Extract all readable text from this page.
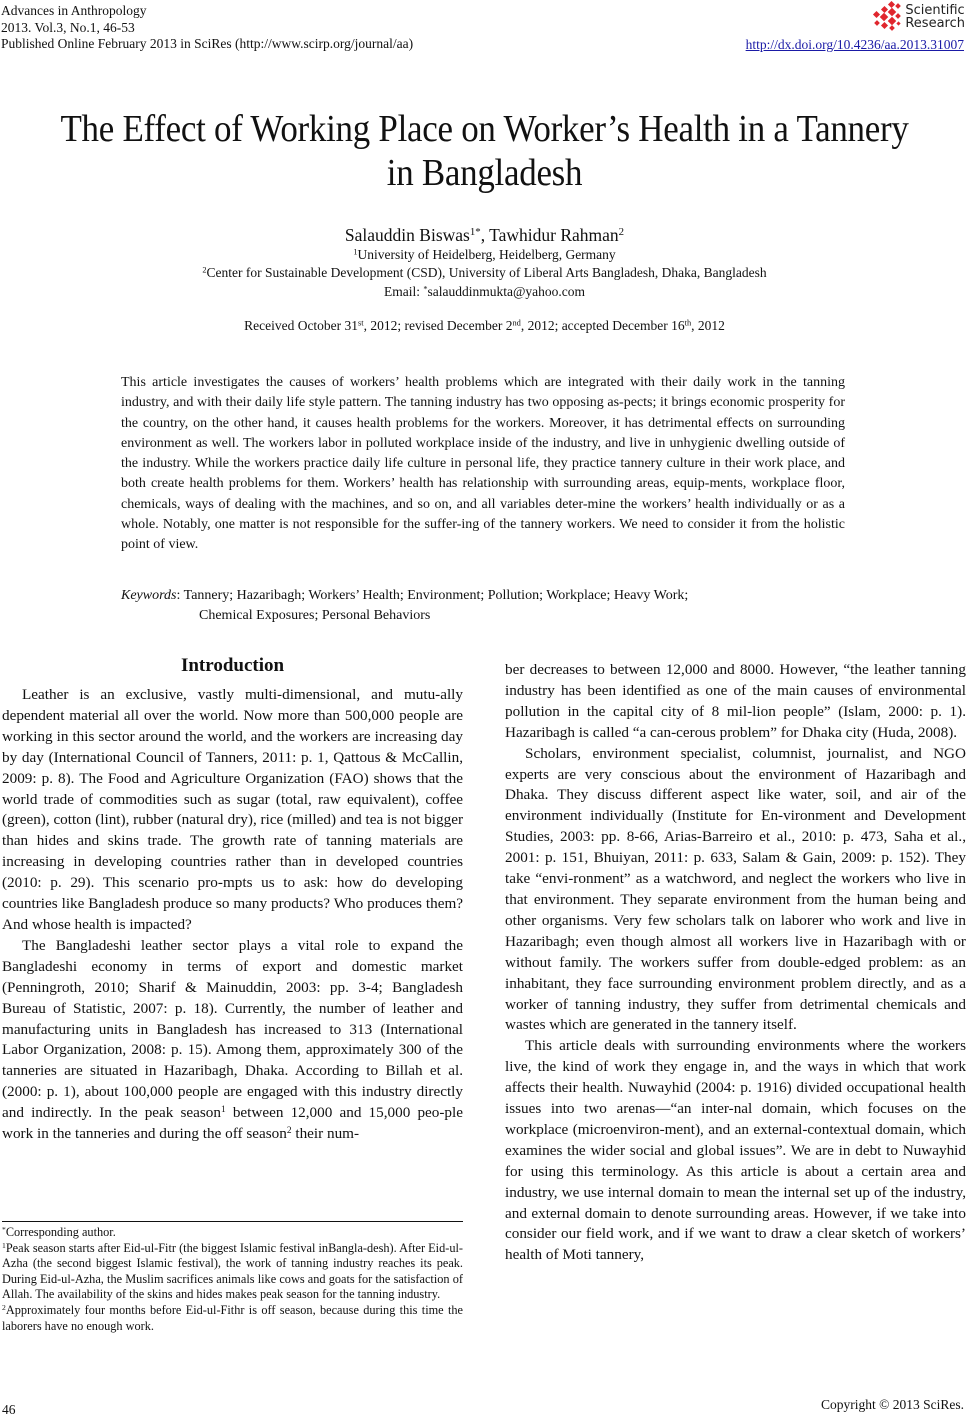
Advances in Anthropology
2013. Vol.3, No.1, 46-53
Published Online February 2013 in SciRes (http://www.scirp.org/journal/aa)
Scientific
Research
http://dx.doi.org/10.4236/aa.2013.31007
The Effect of Working Place on Worker’s Health in a Tannery
in Bangladesh
Salauddin Biswas$^{1*}$, Tawhidur Rahman$^2$
$^1$University of Heidelberg, Heidelberg, Germany
$^2$Center for Sustainable Development (CSD), University of Liberal Arts Bangladesh, Dhaka, Bangladesh
Email: *salauddinmukta@yahoo.com
Received October 31st, 2012; revised December 2nd, 2012; accepted December 16th, 2012
This article investigates the causes of workers’ health problems which are integrated with their daily work in the tanning industry, and with their daily life style pattern. The tanning industry has two opposing as-pects; it brings economic prosperity for the country, on the other hand, it causes health problems for the workers. Moreover, it has detrimental effects on surrounding environment as well. The workers labor in polluted workplace inside of the industry, and live in unhygienic dwelling outside of the industry. While the workers practice daily life culture in personal life, they practice tannery culture in their work place, and both create health problems for them. Workers’ health has relationship with surrounding areas, equip-ments, workplace floor, chemicals, ways of dealing with the machines, and so on, and all variables deter-mine the workers’ health individually or as a whole. Notably, one matter is not responsible for the suffer-ing of the tannery workers. We need to consider it from the holistic point of view.
Keywords: Tannery; Hazaribagh; Workers’ Health; Environment; Pollution; Workplace; Heavy Work;
Chemical Exposures; Personal Behaviors
Introduction

Leather is an exclusive, vastly multi-dimensional, and mutu-ally dependent material all over the world. Now more than 500,000 people are working in this sector around the world, and the workers are increasing day by day (International Council of Tanners, 2011: p. 1, Qattous & McCallin, 2009: p. 8). The Food and Agriculture Organization (FAO) shows that the world trade of commodities such as sugar (total, raw equivalent), coffee (green), cotton (lint), rubber (natural dry), rice (milled) and tea is not bigger than hides and skins trade. The growth rate of tanning materials are increasing in developing countries rather than in developed countries (2010: p. 29). This scenario pro-mpts us to ask: how do developing countries like Bangladesh produce so many products? Who produces them? And whose health is impacted?

The Bangladeshi leather sector plays a vital role to expand the Bangladeshi economy in terms of export and domestic market (Penningroth, 2010; Sharif & Mainuddin, 2003: pp. 3-4; Bangladesh Bureau of Statistic, 2007: p. 18). Currently, the number of leather and manufacturing units in Bangladesh has increased to 313 (International Labor Organization, 2008: p. 15). Among them, approximately 300 of the tanneries are situated in Hazaribagh, Dhaka. According to Billah et al. (2000: p. 1), about 100,000 people are engaged with this industry directly and indirectly. In the peak season$^1$ between 12,000 and 15,000 peo-ple work in the tanneries and during the off season$^2$ their num-

*Corresponding author.

$^1$Peak season starts after Eid-ul-Fitr (the biggest Islamic festival inBangla-desh). After Eid-ul-Azha (the second biggest Islamic festival), the work of tanning industry reaches its peak. During Eid-ul-Azha, the Muslim sacrifices animals like cows and goats for the satisfaction of Allah. The availability of the skins and hides makes peak season for the tanning industry.

$^2$Approximately four months before Eid-ul-Fithr is off season, because during this time the laborers have no enough work.

ber decreases to between 12,000 and 8000. However, “the leather tanning industry has been identified as one of the main causes of environmental pollution in the capital city of 8 mil-lion people” (Islam, 2000: p. 1). Hazaribagh is called “a can-cerous problem” for Dhaka city (Huda, 2008).

Scholars, environment specialist, columnist, journalist, and NGO experts are very conscious about the environment of Hazaribagh and Dhaka. They discuss different aspect like water, soil, and air of the environment individually (Institute for En-vironment and Development Studies, 2003: pp. 8-66, Arias-Barreiro et al., 2010: p. 473, Saha et al., 2001: p. 151, Bhuiyan, 2011: p. 633, Salam & Gain, 2009: p. 152). They take “envi-ronment” as a watchword, and neglect the workers who live in that environment. They separate environment from the human being and other organisms. Very few scholars talk on laborer who work and live in Hazaribagh; even though almost all workers live in Hazaribagh with or without family. The workers suffer from double-edged problem: as an inhabitant, they face surrounding environment problem directly, and as a worker of tanning industry, they suffer from detrimental chemicals and wastes which are generated in the tannery itself.

This article deals with surrounding environments where the workers live, the kind of work they engage in, and the ways in which that work affects their health. Nuwayhid (2004: p. 1916) divided occupational health issues into two arenas—“an inter-nal domain, which focuses on the workplace (microenviron-ment), and an external-contextual domain, which examines the wider social and global issues”. We are in debt to Nuwayhid for using this terminology. As this article is about a certain area and industry, we use internal domain to mean the internal set up of the industry, and external domain to denote surrounding areas. However, if we take into consider our field work, and if we want to draw a clear sketch of workers’ health of Moti tannery,

46	Copyright © 2013 SciRes.
